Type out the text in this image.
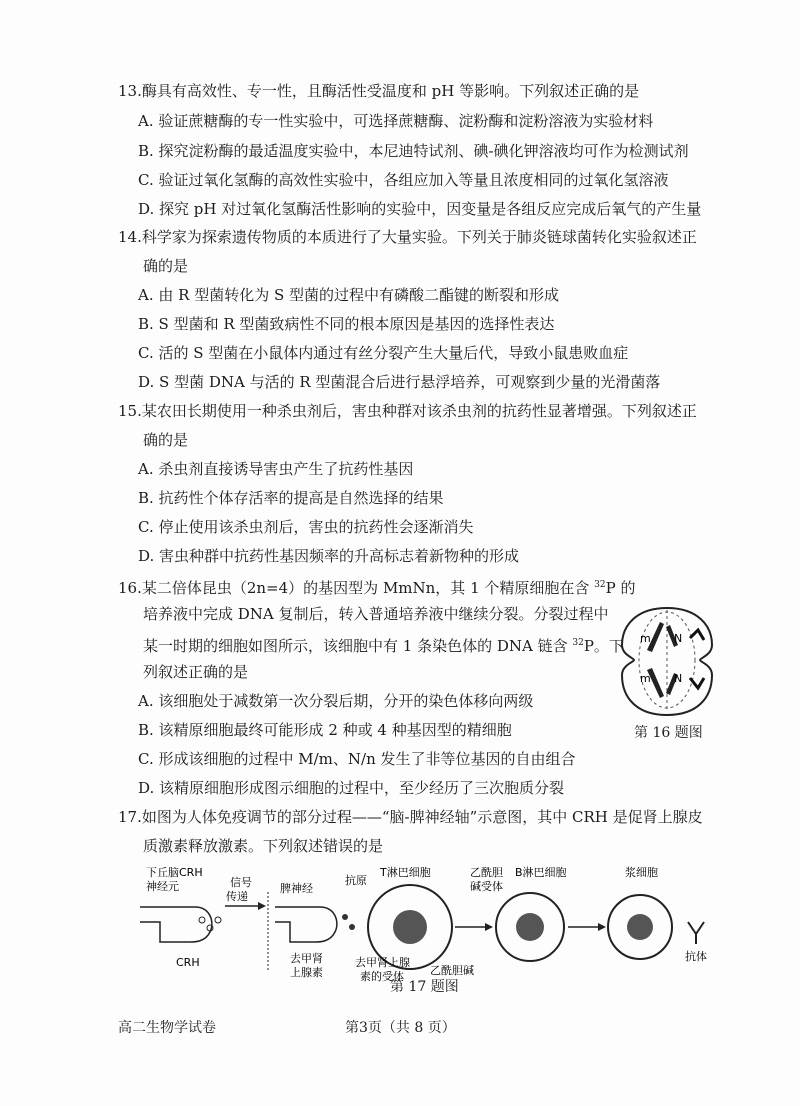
13.酶具有高效性、专一性，且酶活性受温度和 pH 等影响。下列叙述正确的是
A. 验证蔗糖酶的专一性实验中，可选择蔗糖酶、淀粉酶和淀粉溶液为实验材料
B. 探究淀粉酶的最适温度实验中，本尼迪特试剂、碘-碘化钾溶液均可作为检测试剂
C. 验证过氧化氢酶的高效性实验中，各组应加入等量且浓度相同的过氧化氢溶液
D. 探究 pH 对过氧化氢酶活性影响的实验中，因变量是各组反应完成后氧气的产生量
14.科学家为探索遗传物质的本质进行了大量实验。下列关于肺炎链球菌转化实验叙述正
确的是
A. 由 R 型菌转化为 S 型菌的过程中有磷酸二酯键的断裂和形成
B. S 型菌和 R 型菌致病性不同的根本原因是基因的选择性表达
C. 活的 S 型菌在小鼠体内通过有丝分裂产生大量后代，导致小鼠患败血症
D. S 型菌 DNA 与活的 R 型菌混合后进行悬浮培养，可观察到少量的光滑菌落
15.某农田长期使用一种杀虫剂后，害虫种群对该杀虫剂的抗药性显著增强。下列叙述正
确的是
A. 杀虫剂直接诱导害虫产生了抗药性基因
B. 抗药性个体存活率的提高是自然选择的结果
C. 停止使用该杀虫剂后，害虫的抗药性会逐渐消失
D. 害虫种群中抗药性基因频率的升高标志着新物种的形成
16.某二倍体昆虫（2n=4）的基因型为 MmNn，其 1 个精原细胞在含 $^{32}$P 的
培养液中完成 DNA 复制后，转入普通培养液中继续分裂。分裂过程中
某一时期的细胞如图所示，该细胞中有 1 条染色体的 DNA 链含 $^{32}$P。下
列叙述正确的是
A. 该细胞处于减数第一次分裂后期，分开的染色体移向两级
B. 该精原细胞最终可能形成 2 种或 4 种基因型的精细胞
C. 形成该细胞的过程中 M/m、N/n 发生了非等位基因的自由组合
D. 该精原细胞形成图示细胞的过程中，至少经历了三次胞质分裂
m N
m N
第 16 题图
17.如图为人体免疫调节的部分过程——“脑-脾神经轴”示意图，其中 CRH 是促肾上腺皮
下丘脑CRH
神经元
CRH
信号
传递
脾神经
去甲肾
上腺素
抗原
T淋巴细胞
去甲肾上腺
素的受体 乙酰胆碱
乙酰胆
碱受体
B淋巴细胞	浆细胞
抗体
第 17 题图
高二生物学试卷	第3页（共 8 页）
质激素释放激素。下列叙述错误的是
